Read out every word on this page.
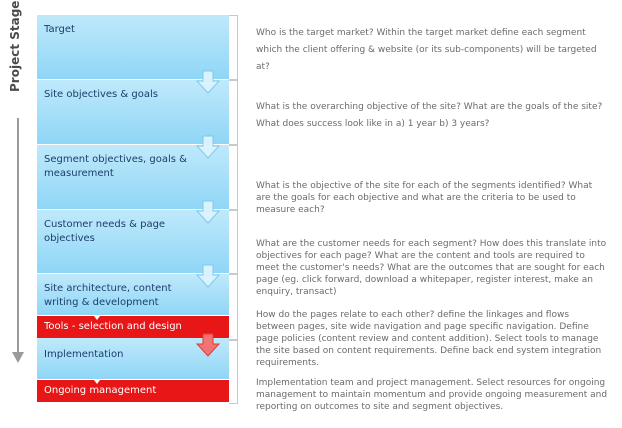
Project Stage Target
Site objectives & goals
Segment objectives, goals & measurement
Customer needs & page objectives
Site architecture, content writing & development
Tools - selection and design
Implementation
Ongoing management
Who is the target market? Within the target market define each segment which the client offering & website (or its sub-components) will be targeted at?
What is the overarching objective of the site? What are the goals of the site? What does success look like in a) 1 year b) 3 years?
What is the objective of the site for each of the segments identified? What are the goals for each objective and what are the criteria to be used to measure each?
What are the customer needs for each segment? How does this translate into objectives for each page? What are the content and tools are required to meet the customer's needs? What are the outcomes that are sought for each page (eg. click forward, download a whitepaper, register interest, make an enquiry, transact)
How do the pages relate to each other? define the linkages and flows between pages, site wide navigation and page specific navigation. Define page policies (content review and content addition). Select tools to manage the site based on content requirements. Define back end system integration requirements.
Implementation team and project management. Select resources for ongoing management to maintain momentum and provide ongoing measurement and reporting on outcomes to site and segment objectives.
